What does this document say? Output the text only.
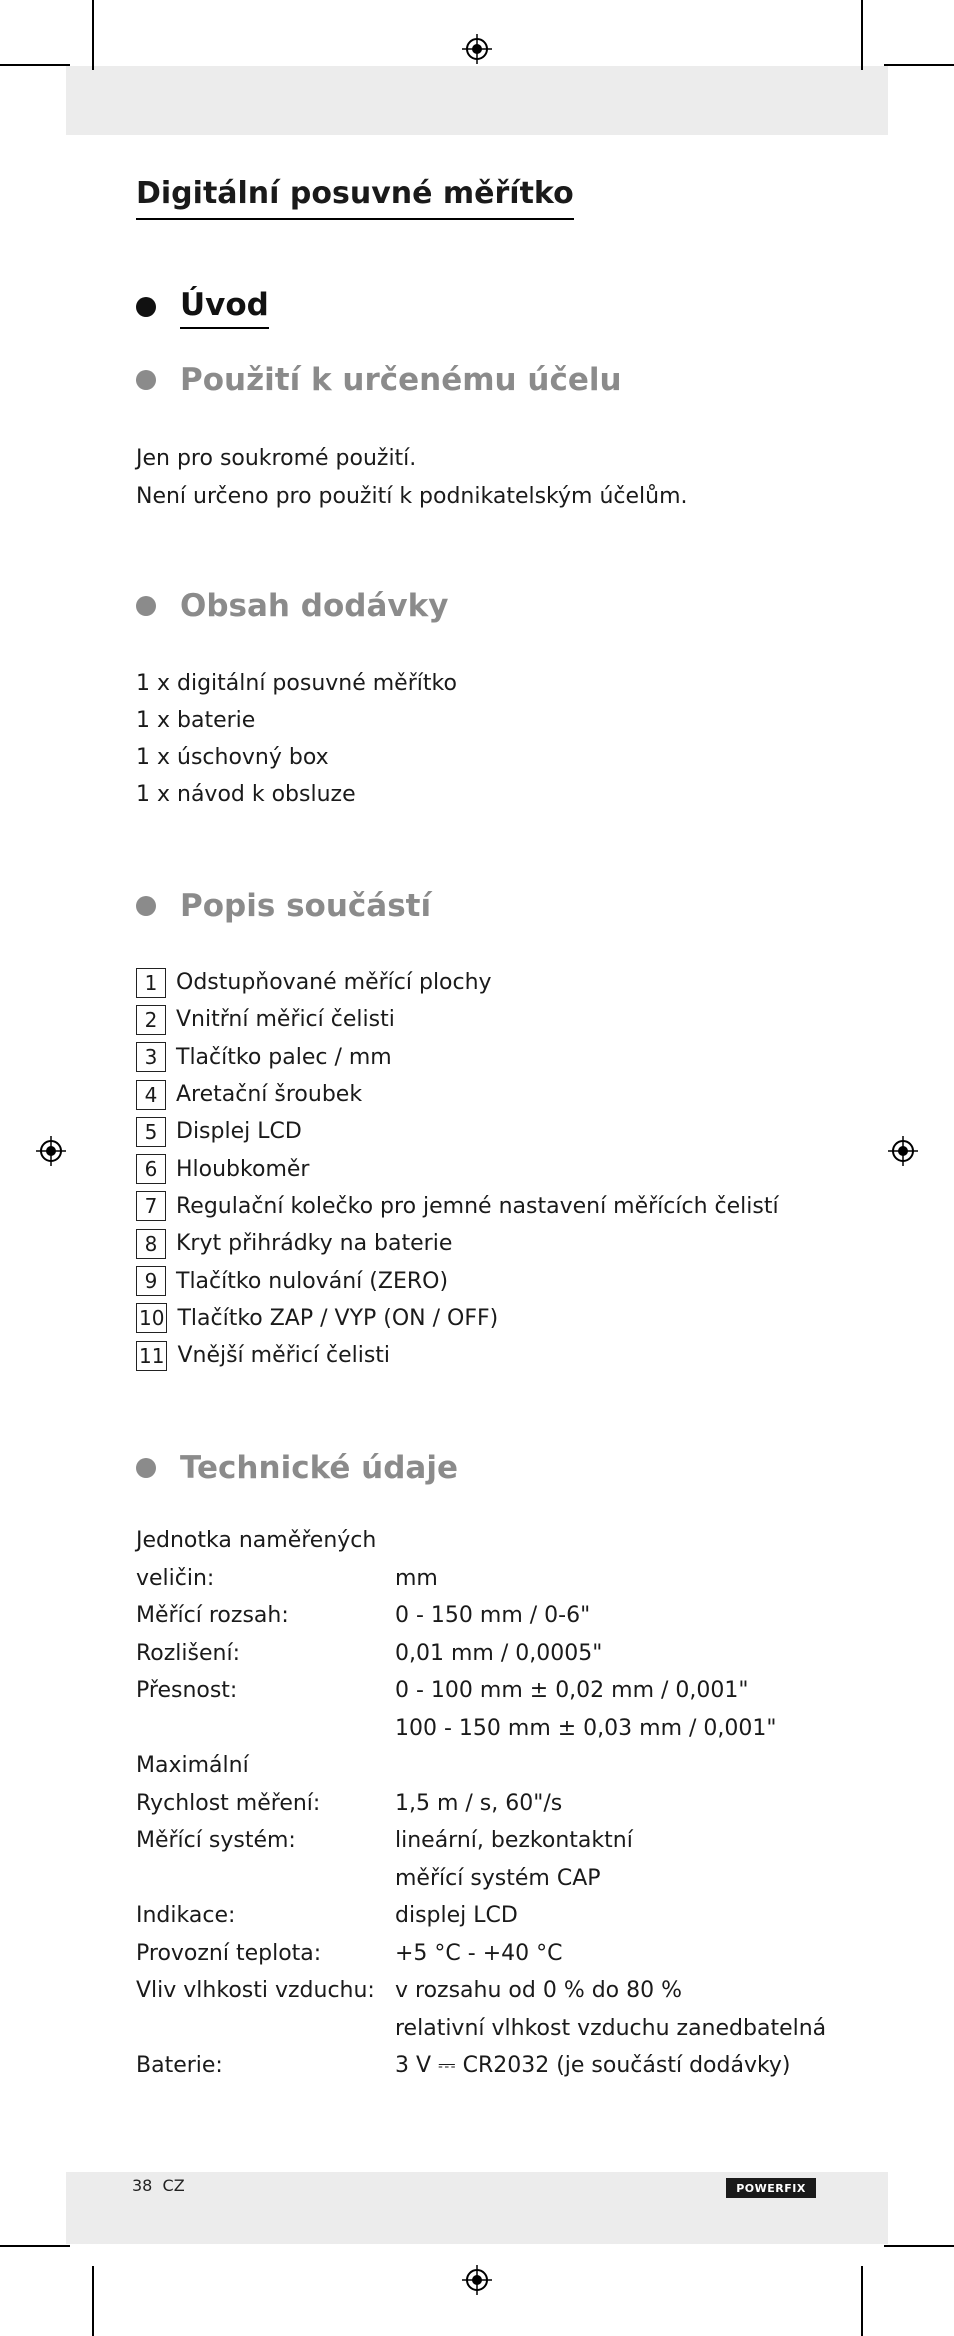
Digitální posuvné měřítko
Úvod
Použití k určenému účelu

Jen pro soukromé použití.
Není určeno pro použití k podnikatelským účelům.

Obsah dodávky
1 x digitální posuvné měřítko
1 x baterie
1 x úschovný box
1 x návod k obsluze
Popis součástí
1 Odstupňované měřící plochy
2 Vnitřní měřicí čelisti
3 Tlačítko palec / mm
4 Aretační šroubek
5 Displej LCD
6 Hloubkoměr
7 Regulační kolečko pro jemné nastavení měřících čelistí
8 Kryt přihrádky na baterie
9 Tlačítko nulování (ZERO)
10 Tlačítko ZAP / VYP (ON / OFF)
11 Vnější měřicí čelisti
Technické údaje
Jednotka naměřených	
veličin:	mm
Měřící rozsah:	0 - 150 mm / 0-6"
Rozlišení:	0,01 mm / 0,0005"
Přesnost:	0 - 100 mm ± 0,02 mm / 0,001"
	100 - 150 mm ± 0,03 mm / 0,001"
Maximální	
Rychlost měření:	1,5 m / s, 60"/s
Měřící systém:	lineární, bezkontaktní
	měřící systém CAP
Indikace:	displej LCD
Provozní teplota:	+5 °C - +40 °C
Vliv vlhkosti vzduchu:	v rozsahu od 0 % do 80 %
	relativní vlhkost vzduchu zanedbatelná
Baterie:	3 V ⎓ CR2032 (je součástí dodávky)
38 CZ	POWERFIX
